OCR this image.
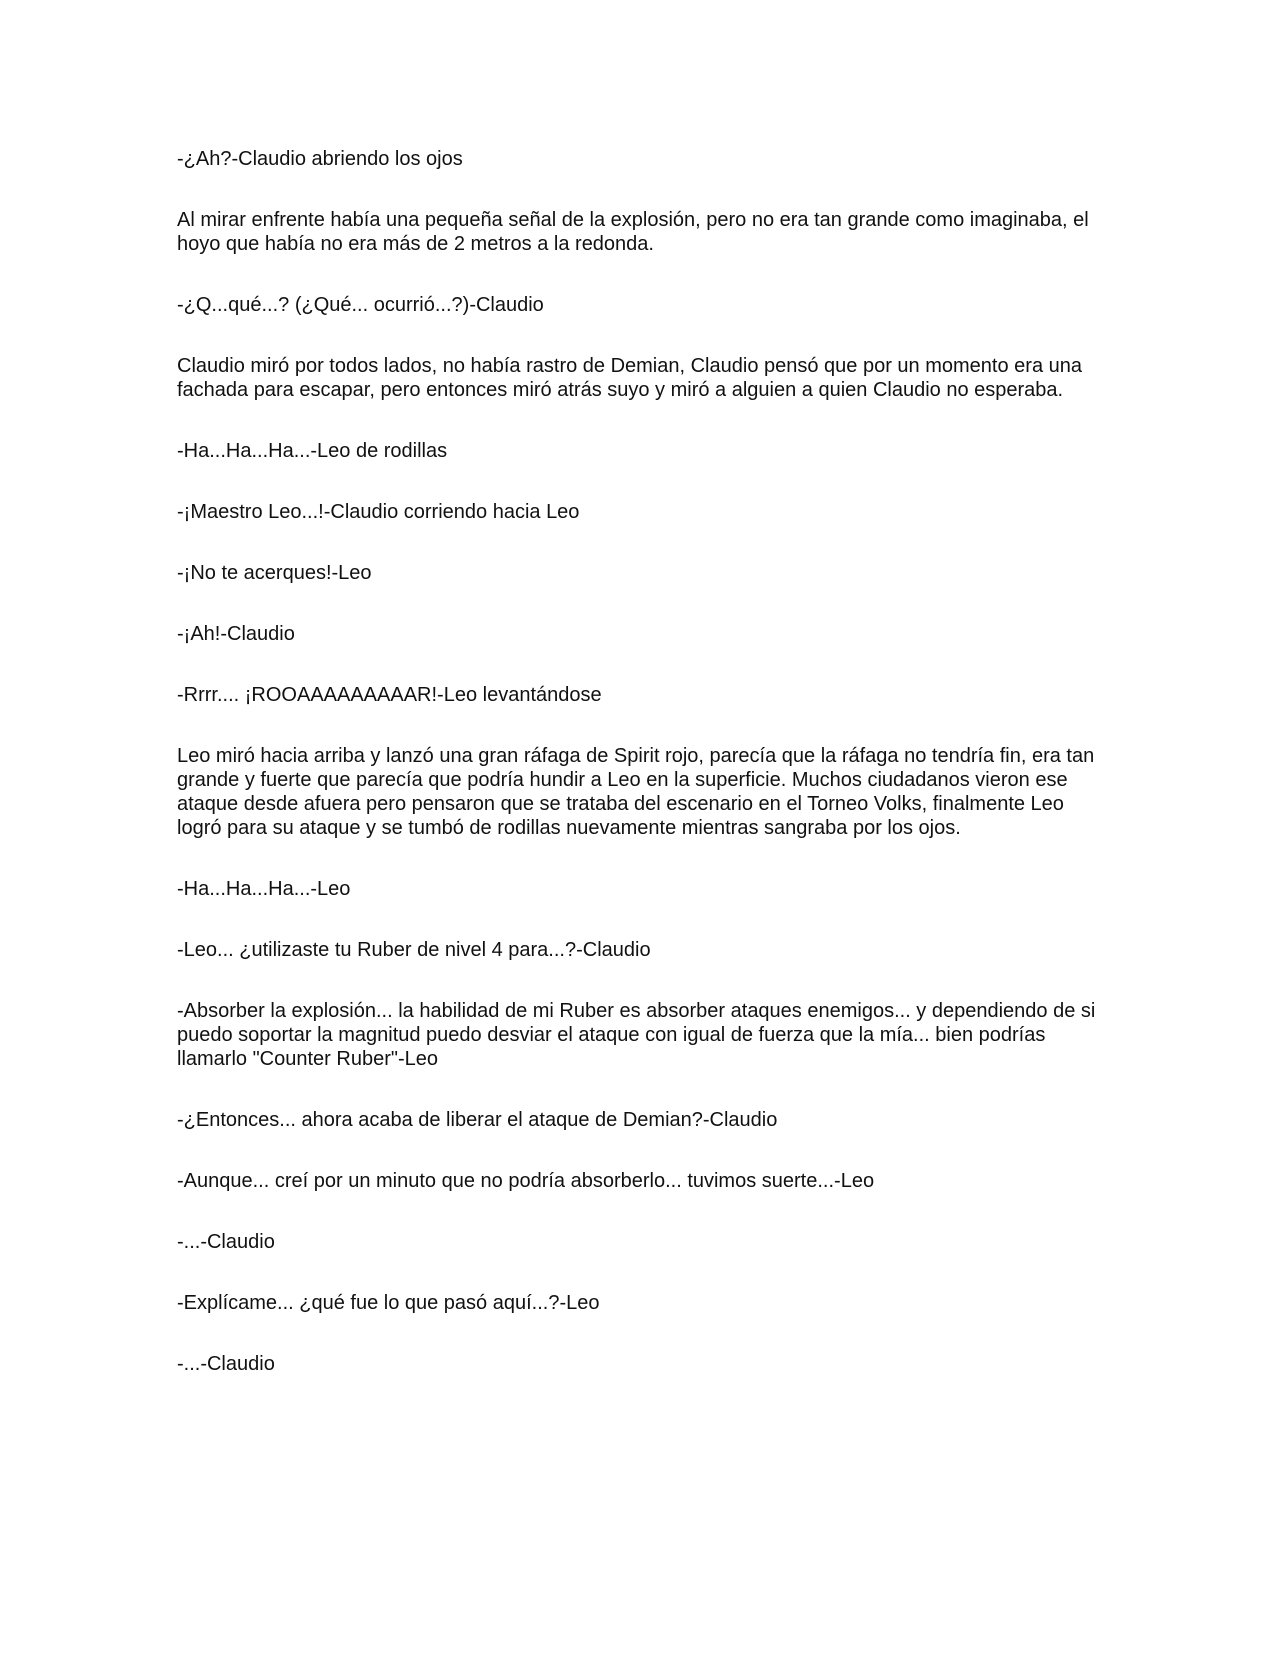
-¿Ah?-Claudio abriendo los ojos

Al mirar enfrente había una pequeña señal de la explosión, pero no era tan grande como imaginaba, el hoyo que había no era más de 2 metros a la redonda.

-¿Q...qué...? (¿Qué... ocurrió...?)-Claudio

Claudio miró por todos lados, no había rastro de Demian, Claudio pensó que por un momento era una fachada para escapar, pero entonces miró atrás suyo y miró a alguien a quien Claudio no esperaba.

-Ha...Ha...Ha...-Leo de rodillas

-¡Maestro Leo...!-Claudio corriendo hacia Leo

-¡No te acerques!-Leo

-¡Ah!-Claudio

-Rrrr.... ¡ROOAAAAAAAAAR!-Leo levantándose

Leo miró hacia arriba y lanzó una gran ráfaga de Spirit rojo, parecía que la ráfaga no tendría fin, era tan grande y fuerte que parecía que podría hundir a Leo en la superficie. Muchos ciudadanos vieron ese ataque desde afuera pero pensaron que se trataba del escenario en el Torneo Volks, finalmente Leo logró para su ataque y se tumbó de rodillas nuevamente mientras sangraba por los ojos.

-Ha...Ha...Ha...-Leo

-Leo... ¿utilizaste tu Ruber de nivel 4 para...?-Claudio

-Absorber la explosión... la habilidad de mi Ruber es absorber ataques enemigos... y dependiendo de si puedo soportar la magnitud puedo desviar el ataque con igual de fuerza que la mía... bien podrías llamarlo "Counter Ruber"-Leo

-¿Entonces... ahora acaba de liberar el ataque de Demian?-Claudio

-Aunque... creí por un minuto que no podría absorberlo... tuvimos suerte...-Leo

-...-Claudio

-Explícame... ¿qué fue lo que pasó aquí...?-Leo

-...-Claudio
